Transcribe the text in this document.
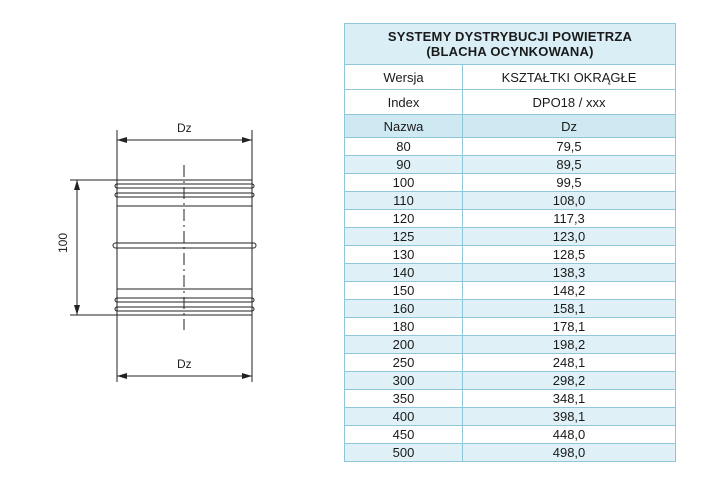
Dz
100
Dz
SYSTEMY DYSTRYBUCJI POWIETRZA
(BLACHA OCYNKOWANA)	

Wersja	KSZTAŁTKI OKRĄGŁE
Index	DPO18 / xxx
Nazwa	Dz
80	79,5
90	89,5
100	99,5
110	108,0
120	117,3
125	123,0
130	128,5
140	138,3
150	148,2
160	158,1
180	178,1
200	198,2
250	248,1
300	298,2
350	348,1
400	398,1
450	448,0
500	498,0
